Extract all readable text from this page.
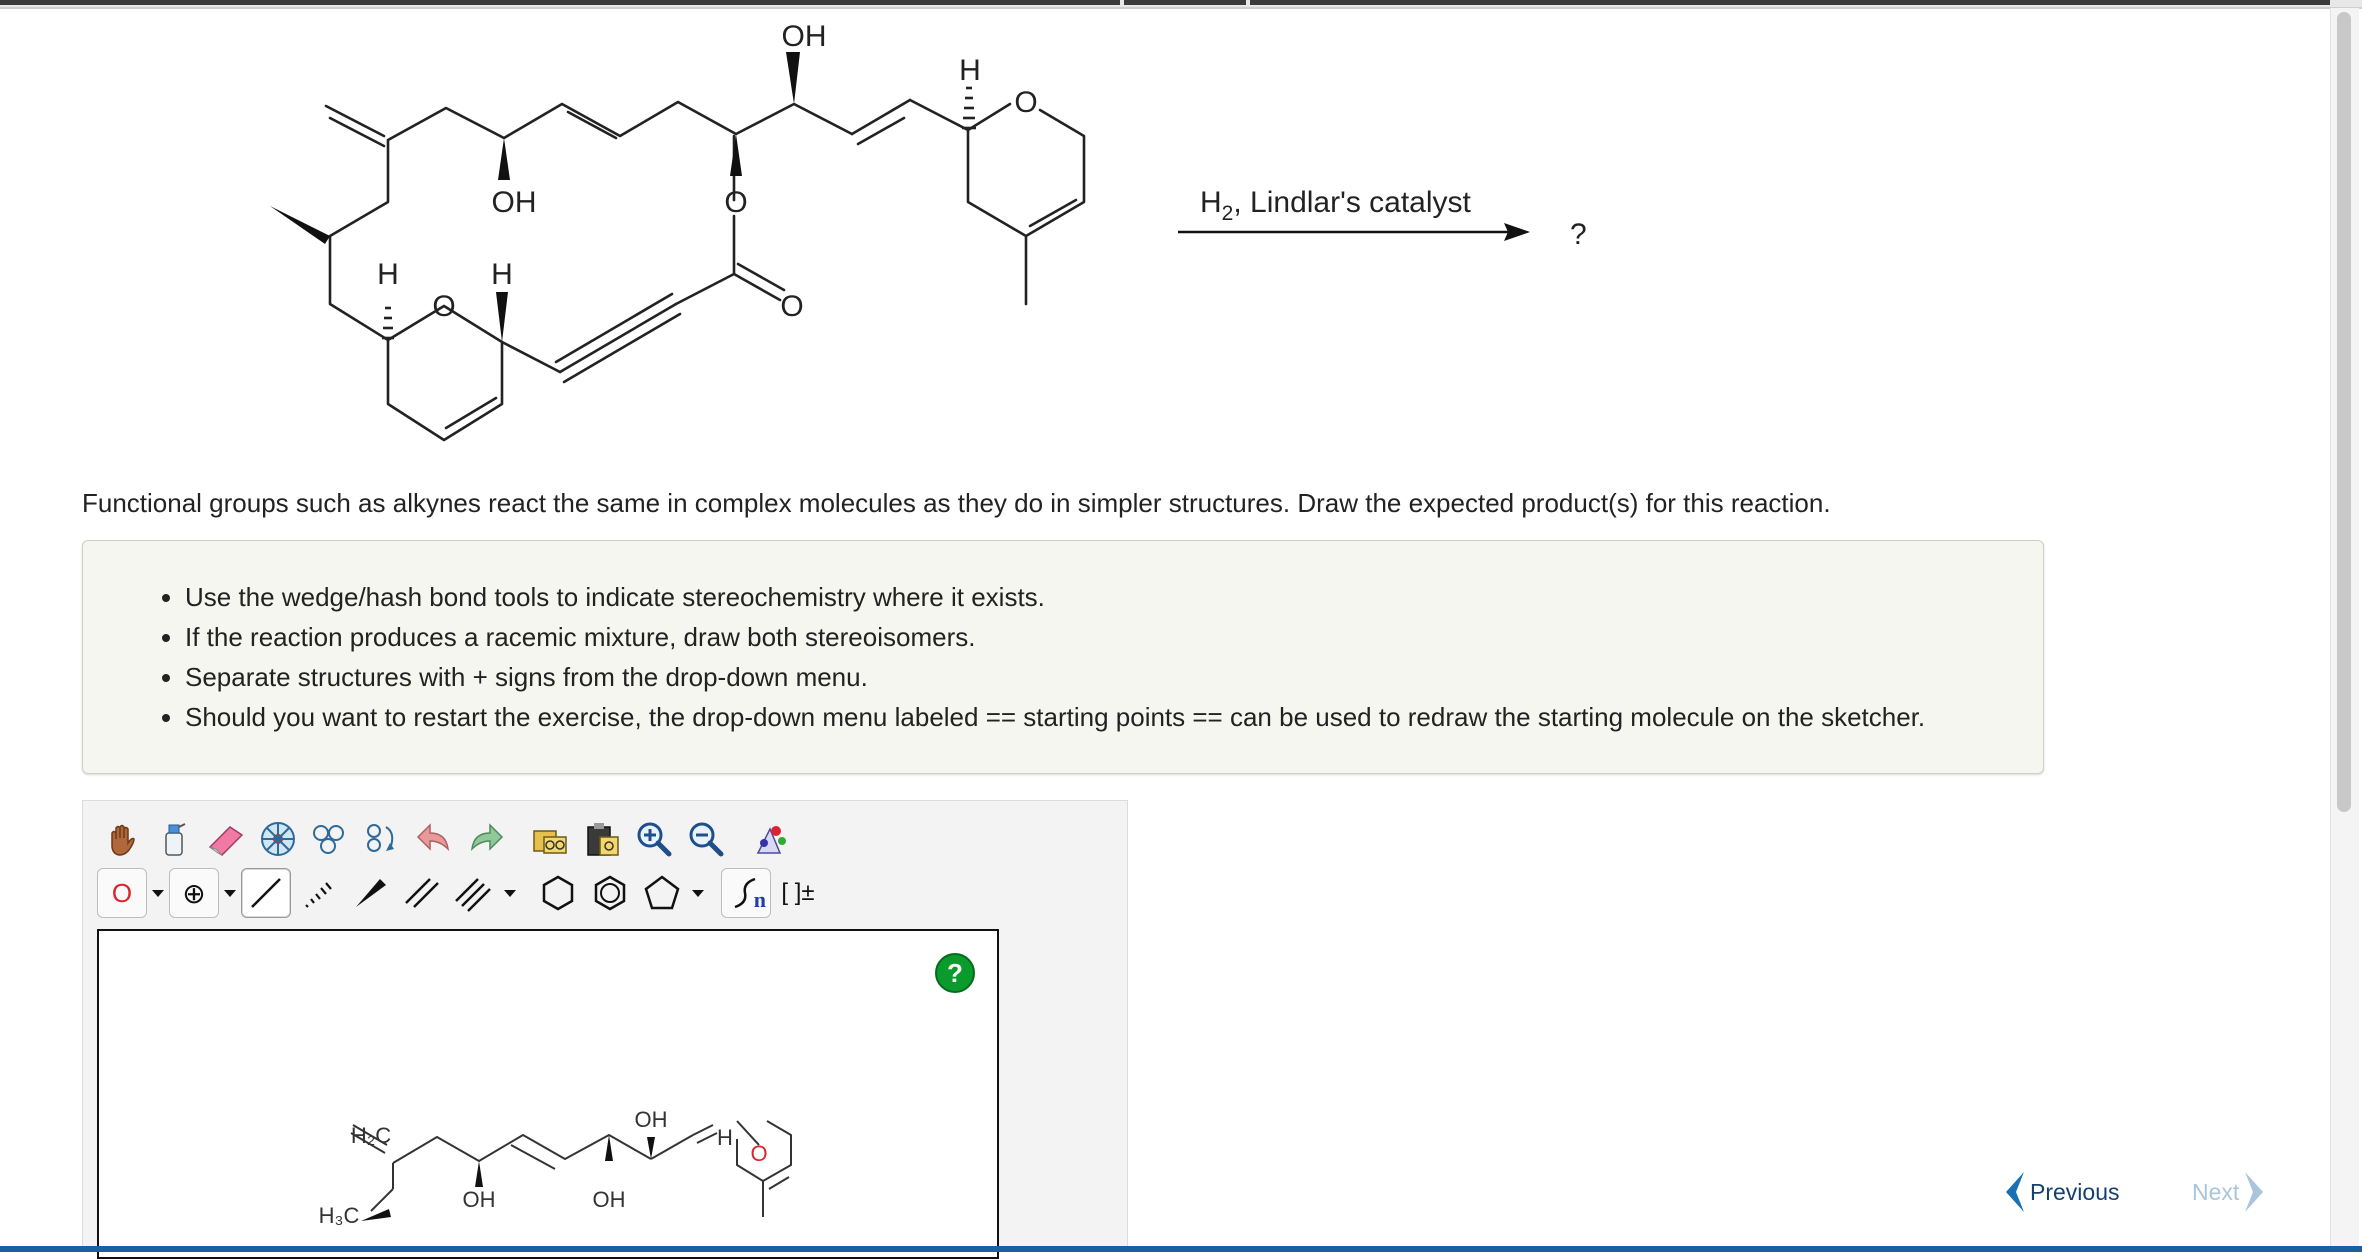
OH
OH
H
H	H
O
O
O
O
$H_2$, Lindlar's catalyst
?

Functional groups such as alkynes react the same in complex molecules as they do in simpler structures. Draw the expected product(s) for this reaction.

• Use the wedge/hash bond tools to indicate stereochemistry where it exists.
• If the reaction produces a racemic mixture, draw both stereoisomers.
• Separate structures with + signs from the drop-down menu.
• Should you want to restart the exercise, the drop-down menu labeled == starting points == can be used to redraw the starting molecule on the sketcher.
O ⊕	n [ ]±
?
H₂C
H₃C
OH
OH	OH
H
O
Previous	Next
